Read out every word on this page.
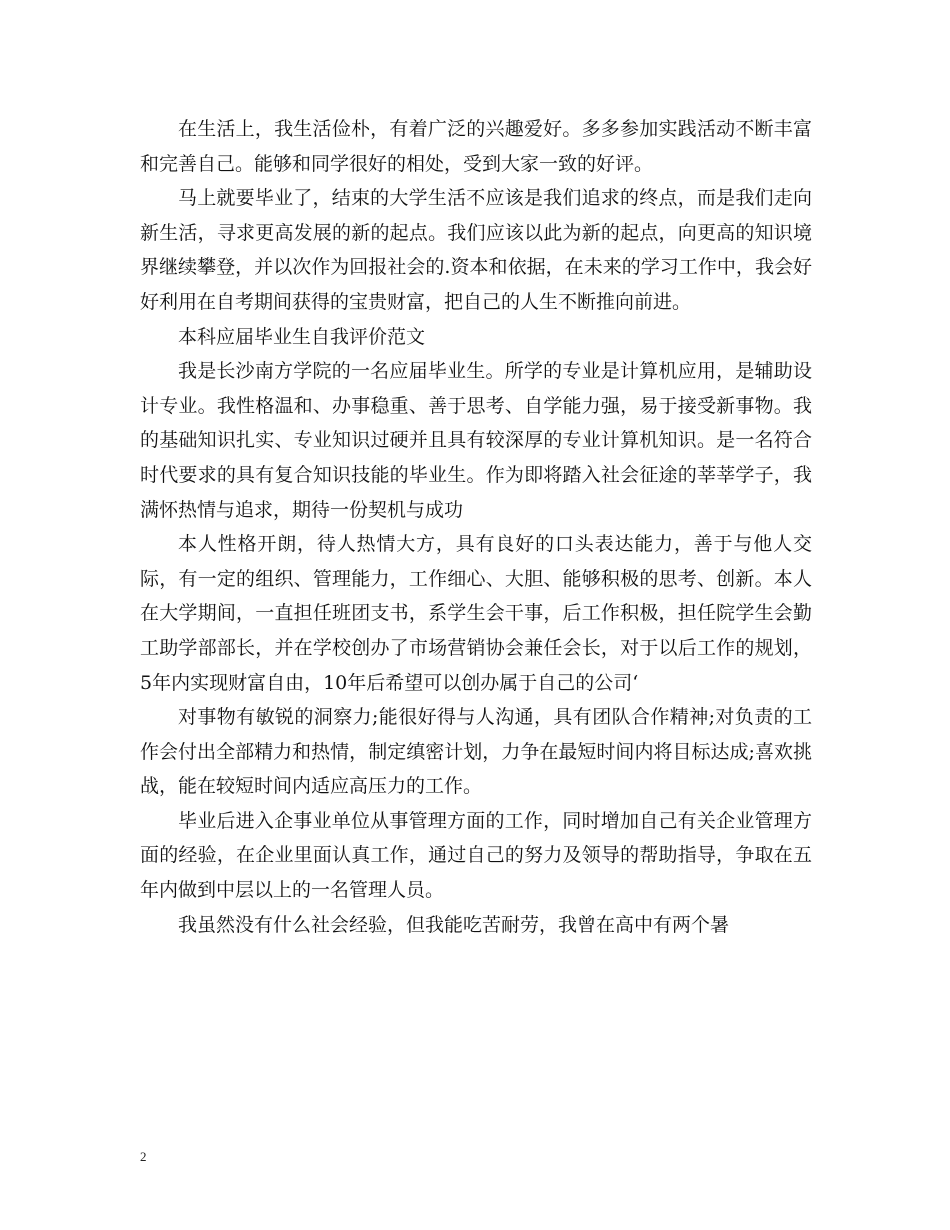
在生活上，我生活俭朴，有着广泛的兴趣爱好。多多参加实践活动不断丰富和完善自己。能够和同学很好的相处，受到大家一致的好评。

马上就要毕业了，结束的大学生活不应该是我们追求的终点，而是我们走向新生活，寻求更高发展的新的起点。我们应该以此为新的起点，向更高的知识境界继续攀登，并以次作为回报社会的.资本和依据，在未来的学习工作中，我会好好利用在自考期间获得的宝贵财富，把自己的人生不断推向前进。

本科应届毕业生自我评价范文

我是长沙南方学院的一名应届毕业生。所学的专业是计算机应用，是辅助设计专业。我性格温和、办事稳重、善于思考、自学能力强，易于接受新事物。我的基础知识扎实、专业知识过硬并且具有较深厚的专业计算机知识。是一名符合时代要求的具有复合知识技能的毕业生。作为即将踏入社会征途的莘莘学子，我满怀热情与追求，期待一份契机与成功

本人性格开朗，待人热情大方，具有良好的口头表达能力，善于与他人交际，有一定的组织、管理能力，工作细心、大胆、能够积极的思考、创新。本人在大学期间，一直担任班团支书，系学生会干事，后工作积极，担任院学生会勤工助学部部长，并在学校创办了市场营销协会兼任会长，对于以后工作的规划，5年内实现财富自由，10年后希望可以创办属于自己的公司‘

对事物有敏锐的洞察力;能很好得与人沟通，具有团队合作精神;对负责的工作会付出全部精力和热情，制定缜密计划，力争在最短时间内将目标达成;喜欢挑战，能在较短时间内适应高压力的工作。

毕业后进入企事业单位从事管理方面的工作，同时增加自己有关企业管理方面的经验，在企业里面认真工作，通过自己的努力及领导的帮助指导，争取在五年内做到中层以上的一名管理人员。

我虽然没有什么社会经验，但我能吃苦耐劳，我曾在高中有两个暑

2
